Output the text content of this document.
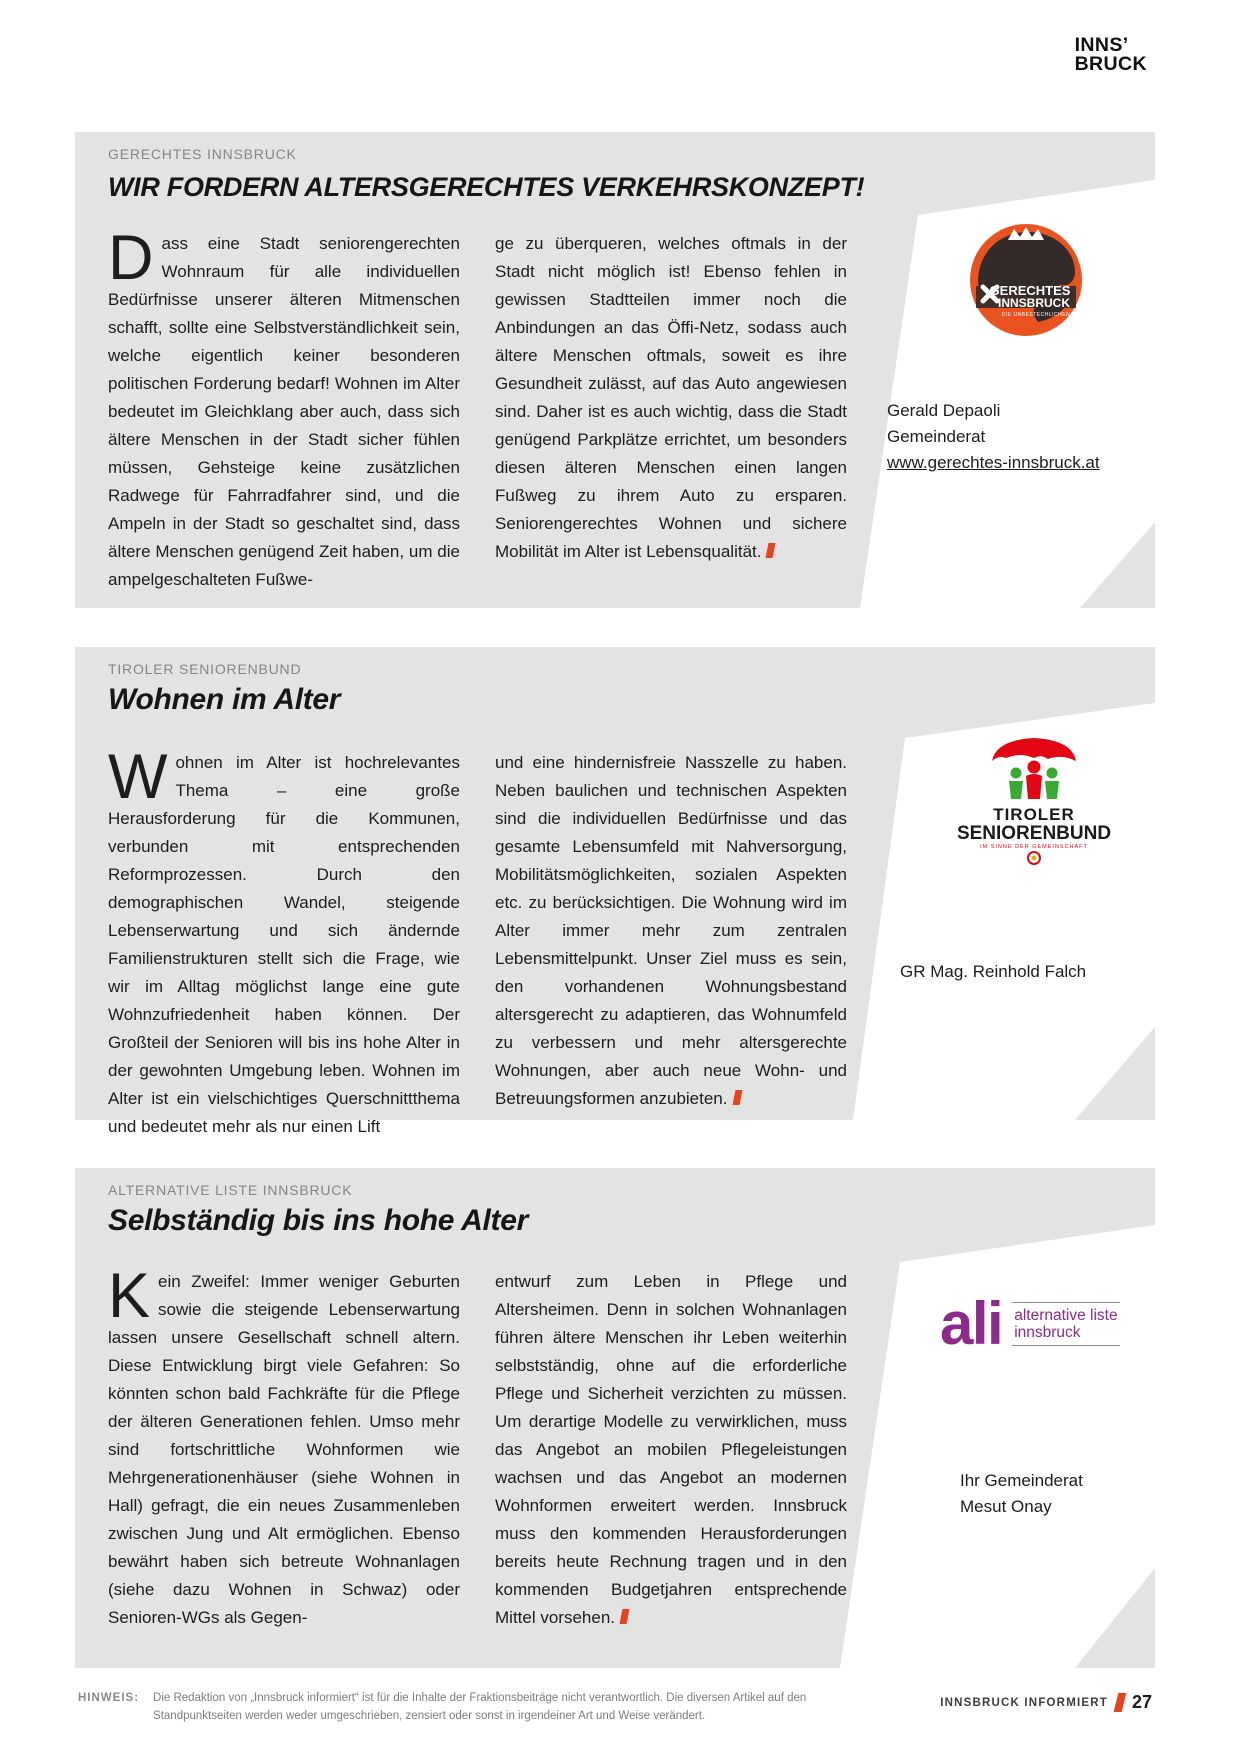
INNS’
BRUCK
GERECHTES INNSBRUCK
WIR FORDERN ALTERSGERECHTES VERKEHRSKONZEPT!

Dass eine Stadt seniorengerechten Wohnraum für alle individuellen Bedürfnisse unserer älteren Mitmenschen schafft, sollte eine Selbstverständlichkeit sein, welche eigentlich keiner besonderen politischen Forderung bedarf! Wohnen im Alter bedeutet im Gleichklang aber auch, dass sich ältere Menschen in der Stadt sicher fühlen müssen, Gehsteige keine zusätzlichen Radwege für Fahrradfahrer sind, und die Ampeln in der Stadt so geschaltet sind, dass ältere Menschen genügend Zeit haben, um die ampelgeschalteten Fußwe-

ge zu überqueren, welches oftmals in der Stadt nicht möglich ist! Ebenso fehlen in gewissen Stadtteilen immer noch die Anbindungen an das Öffi-Netz, sodass auch ältere Menschen oftmals, soweit es ihre Gesundheit zulässt, auf das Auto angewiesen sind. Daher ist es auch wichtig, dass die Stadt genügend Parkplätze errichtet, um besonders diesen älteren Menschen einen langen Fußweg zu ihrem Auto zu ersparen. Seniorengerechtes Wohnen und sichere Mobilität im Alter ist Lebensqualität.

GERECHTES
INNSBRUCK
DIE UNBESTECHLICHEN
Gerald Depaoli
Gemeinderat
www.gerechtes-innsbruck.at
TIROLER SENIORENBUND
Wohnen im Alter

Wohnen im Alter ist hochrelevantes Thema – eine große Herausforderung für die Kommunen, verbunden mit entsprechenden Reformprozessen. Durch den demographischen Wandel, steigende Lebenserwartung und sich ändernde Familienstrukturen stellt sich die Frage, wie wir im Alltag möglichst lange eine gute Wohnzufriedenheit haben können. Der Großteil der Senioren will bis ins hohe Alter in der gewohnten Umgebung leben. Wohnen im Alter ist ein vielschichtiges Querschnittthema und bedeutet mehr als nur einen Lift

und eine hindernisfreie Nasszelle zu haben. Neben baulichen und technischen Aspekten sind die individuellen Bedürfnisse und das gesamte Lebensumfeld mit Nahversorgung, Mobilitätsmöglichkeiten, sozialen Aspekten etc. zu berücksichtigen. Die Wohnung wird im Alter immer mehr zum zentralen Lebensmittelpunkt. Unser Ziel muss es sein, den vorhandenen Wohnungsbestand altersgerecht zu adaptieren, das Wohnumfeld zu verbessern und mehr altersgerechte Wohnungen, aber auch neue Wohn- und Betreuungsformen anzubieten.

TIROLER
SENIORENBUND
IM SINNE DER GEMEINSCHAFT
GR Mag. Reinhold Falch
ALTERNATIVE LISTE INNSBRUCK
Selbständig bis ins hohe Alter

Kein Zweifel: Immer weniger Geburten sowie die steigende Lebenserwartung lassen unsere Gesellschaft schnell altern. Diese Entwicklung birgt viele Gefahren: So könnten schon bald Fachkräfte für die Pflege der älteren Generationen fehlen. Umso mehr sind fortschrittliche Wohnformen wie Mehrgenerationenhäuser (siehe Wohnen in Hall) gefragt, die ein neues Zusammenleben zwischen Jung und Alt ermöglichen. Ebenso bewährt haben sich betreute Wohnanlagen (siehe dazu Wohnen in Schwaz) oder Senioren-WGs als Gegen-

entwurf zum Leben in Pflege und Altersheimen. Denn in solchen Wohnanlagen führen ältere Menschen ihr Leben weiterhin selbstständig, ohne auf die erforderliche Pflege und Sicherheit verzichten zu müssen. Um derartige Modelle zu verwirklichen, muss das Angebot an mobilen Pflegeleistungen wachsen und das Angebot an modernen Wohnformen erweitert werden. Innsbruck muss den kommenden Herausforderungen bereits heute Rechnung tragen und in den kommenden Budgetjahren entsprechende Mittel vorsehen.

ali alternative liste
innsbruck
Ihr Gemeinderat
Mesut Onay
HINWEIS: Die Redaktion von „Innsbruck informiert“ ist für die Inhalte der Fraktionsbeiträge nicht verantwortlich. Die diversen Artikel auf den
Standpunktseiten werden weder umgeschrieben, zensiert oder sonst in irgendeiner Art und Weise verändert.
INNSBRUCK INFORMIERT 27
